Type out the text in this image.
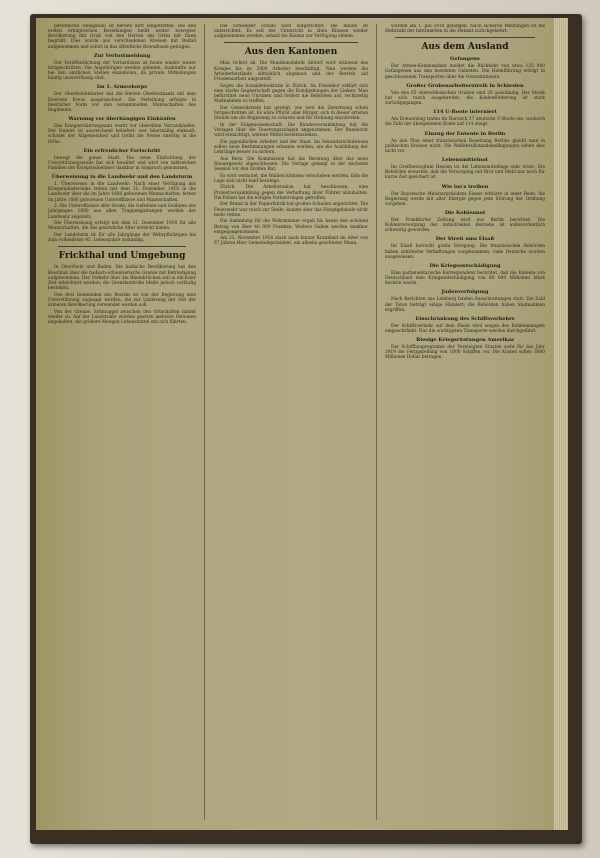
persönliche Delegation ist bereits dort eingetroffen. Die den ersten erfolgreichen Beziehungen heißt weiter bewegter Bevölkerung mit Gruß von den Herren des Ortes mit Dank begrüßt. Dies wurde aus verschiedenen Kreisen mit Beifall aufgenommen und sofort in das öffentliche Bewußtsein getragen.

Zur Verlustmeldung

Der Veröffentlichung der Verlustlisten ist heute wieder weiter fortgeschritten. Die Angehörigen werden gebeten, Auskünfte nur bei den amtlichen Stellen einzuholen, da private Mitteilungen häufig unzuverlässig sind.

Im 1. Armeekorps

Der Oberbefehlshaber hat die Herren Oberleutnants mit dem Eisernen Kreuz ausgezeichnet. Die Verleihung erfolgte in feierlicher Form vor den versammelten Mannschaften des Regiments.

Warnung vor überhängigen Einkäufen

Das Kriegsernährungsamt warnt vor übereilten Vorratskäufen. Der Handel ist ausreichend beliefert; wer übermäßig einkauft, schadet der Allgemeinheit und treibt die Preise unnötig in die Höhe.

Ein erfreulicher Fortschritt

bewegt die ganze Stadt. Die neue Einrichtung der Unterstützungsstelle hat sich bewährt und wird von zahlreichen Familien der Kriegsteilnehmer dankbar in Anspruch genommen.

Überweisung in die Landwehr und den Landsturm

1. Überwiesen in die Landwehr: Nach einer Verfügung des Kriegsministeriums treten mit dem 31. Dezember 1918 in die Landwehr über die im Jahre 1880 geborenen Mannschaften, ferner im Jahre 1886 geborenen Unteroffiziere und Mannschaften.

2. Die Unteroffiziere aller Grade, die Gefreiten und Soldaten des Jahrganges 1880 aus allen Truppengattungen werden der Landwehr zugeteilt.

Die Überweisung erfolgt mit dem 31. Dezember 1918 für alle Mannschaften, die das gesetzliche Alter erreicht haben.

Der Landsturm ist für alle Jahrgänge der Wehrpflichtigen bis zum vollendeten 45. Lebensjahre zuständig.

Frickthal und Umgebung

In Oberrhein und Baden. Die badische Bevölkerung hat den Beschluß über die badisch-schweizerische Grenze mit Befriedigung aufgenommen. Der Verkehr über die Rheinbrücken soll in nächster Zeit erleichtert werden; die Grenzkontrolle bleibt jedoch vorläufig bestehen.

Den drei Gemeinden des Bezirks ist von der Regierung eine Unterstützung zugesagt worden, die zur Linderung der Not der ärmeren Bevölkerung verwendet werden soll.

Von der Grenze. Schmuggel zwischen den Ortschaften nimmt wieder zu. Auf der Landstraße wurden gestern mehrere Personen angehalten, die größere Mengen Lebensmittel mit sich führten.

Die Schweizer Schule wird aufgerichtet. Die Blinde ist unterrichtet. Es soll der Unterricht in allen Klassen wieder aufgenommen werden, sobald die Räume zur Verfügung stehen.

Aus den Kantonen

Man richtet ab. Die Munitionsfabrik Altdorf wird während des Krieges bis zu 2000 Arbeiter beschäftigt. Nun werden die Arbeiterbestände allmählich abgebaut und der Betrieb auf Friedensarbeit umgestellt.

Gegen die Sozialdemokratie in Zürich. Im Freienhof erklärt sich eine starke Gegnerschaft gegen die Kundgebungen der Linken. Man befürchtet neue Unruhen und fordert die Behörden auf, rechtzeitig Maßnahmen zu treffen.

Der Generalstreik hat gezeigt, wie weit die Zersetzung schon fortgeschritten ist. Es wäre Pflicht aller Bürger, sich in dieser ernsten Stunde um die Regierung zu scharen und für Ordnung einzutreten.

In der Eidgenossenschaft: Die Bundesversammlung hat die Vorlagen über die Teuerungszulagen angenommen. Der Bundesrat wird ermächtigt, weitere Mittel bereitzustellen.

Die jugendlichen Arbeiter und der Staat. Im Sekundarschulwesen sollen neue Bestimmungen erlassen werden, um die Ausbildung der Lehrlinge besser zu sichern.

Aus Bern. Die Kommission hat die Beratung über das neue Steuergesetz abgeschlossen. Die Vorlage gelangt in der nächsten Session vor den Großen Rat.

Es wird vermutet, die Wahlen könnten verschoben werden, falls die Lage sich nicht bald beruhige.

Zürich. Die Arbeiterunion hat beschlossen, eine Protestversammlung gegen die Verhaftung ihrer Führer abzuhalten. Die Polizei hat die nötigen Vorkehrungen getroffen.

Der Brand in der Papierfabrik hat großen Schaden angerichtet. Die Feuerwehr war rasch zur Stelle, konnte aber das Hauptgebäude nicht mehr retten.

Die Sammlung für die Wehrmänner ergab bis heute den schönen Betrag von über 40 000 Franken. Weitere Gaben werden dankbar entgegengenommen.

Am 23. November 1918 starb nach kurzer Krankheit im Alter von 67 Jahren Herr Gemeindepräsident, ein allseits geachteter Mann.

wurden am 1. Juli 1918 gefangen. Nach sicheren Meldungen ist die Mehrzahl der Internierten in die Heimat zurückgekehrt.

Aus dem Ausland
Gefangene

Der Armee-Kommandant meldet die Rückkehr von etwa 125 000 Gefangenen aus den besetzten Gebieten. Die Heimführung erfolgt in geschlossenen Transporten über die Grenzstationen.

Großer Grubenarbeiterstreik in Schlesien

Von den 65 oberschlesischen Gruben sind 20 ausständig. Der Streik hat sich rasch ausgebreitet; die Kohlenförderung ist stark zurückgegangen.

114 U-Boote interniert

Am Donnerstag trafen im Harwich 27 deutsche U-Boote ein, wodurch die Zahl der übergebenen Boote auf 114 steigt.

Einzug der Entente in Berlin

An den Plan einer französischen Besetzung Berlins glaubt man in politischen Kreisen nicht. Die Waffenstillstandsbedingungen sehen dies nicht vor.

Lebensmittelnot

Im Großherzogtum Hessen ist die Lebensmittellage sehr ernst. Die Behörden erwarten, daß die Versorgung mit Brot und Mehl nur noch für kurze Zeit gesichert ist.

Wie los's treiben

Der Bayerische Ministerpräsident Eisner erklärte in einer Rede, die Regierung werde mit aller Energie gegen jede Störung der Ordnung vorgehen.

Die Kohlennot

Der Frankfurter Zeitung wird aus Berlin berichtet: Die Kohlenversorgung der industriellen Betriebe ist außerordentlich schwierig geworden.

Der Streit ums Elsaß

Im Elsaß herrscht große Erregung. Die französischen Behörden haben zahlreiche Verhaftungen vorgenommen; viele Deutsche wurden ausgewiesen.

Die Kriegsentschädigung

Eine parlamentarische Korrespondenz berichtet, daß die Entente von Deutschland eine Kriegsentschädigung von 80 000 Millionen Mark fordern werde.

Judenverfolgung

Nach Berichten aus Lemberg fanden Ausschreitungen statt. Die Zahl der Toten beträgt einige Hundert; die Behörden haben Maßnahmen ergriffen.

Einschränkung des Schiffsverkehrs

Der Schiffsverkehr auf dem Rhein wird wegen des Kohlenmangels eingeschränkt. Nur die wichtigsten Transporte werden durchgeführt.

Riesige Kriegsrüstungen Amerikas

Der Schiffbauprogramm der Vereinigten Staaten sieht für das Jahr 1919 die Fertigstellung von 1600 Schiffen vor. Die Kosten sollen 3000 Millionen Dollar betragen.
